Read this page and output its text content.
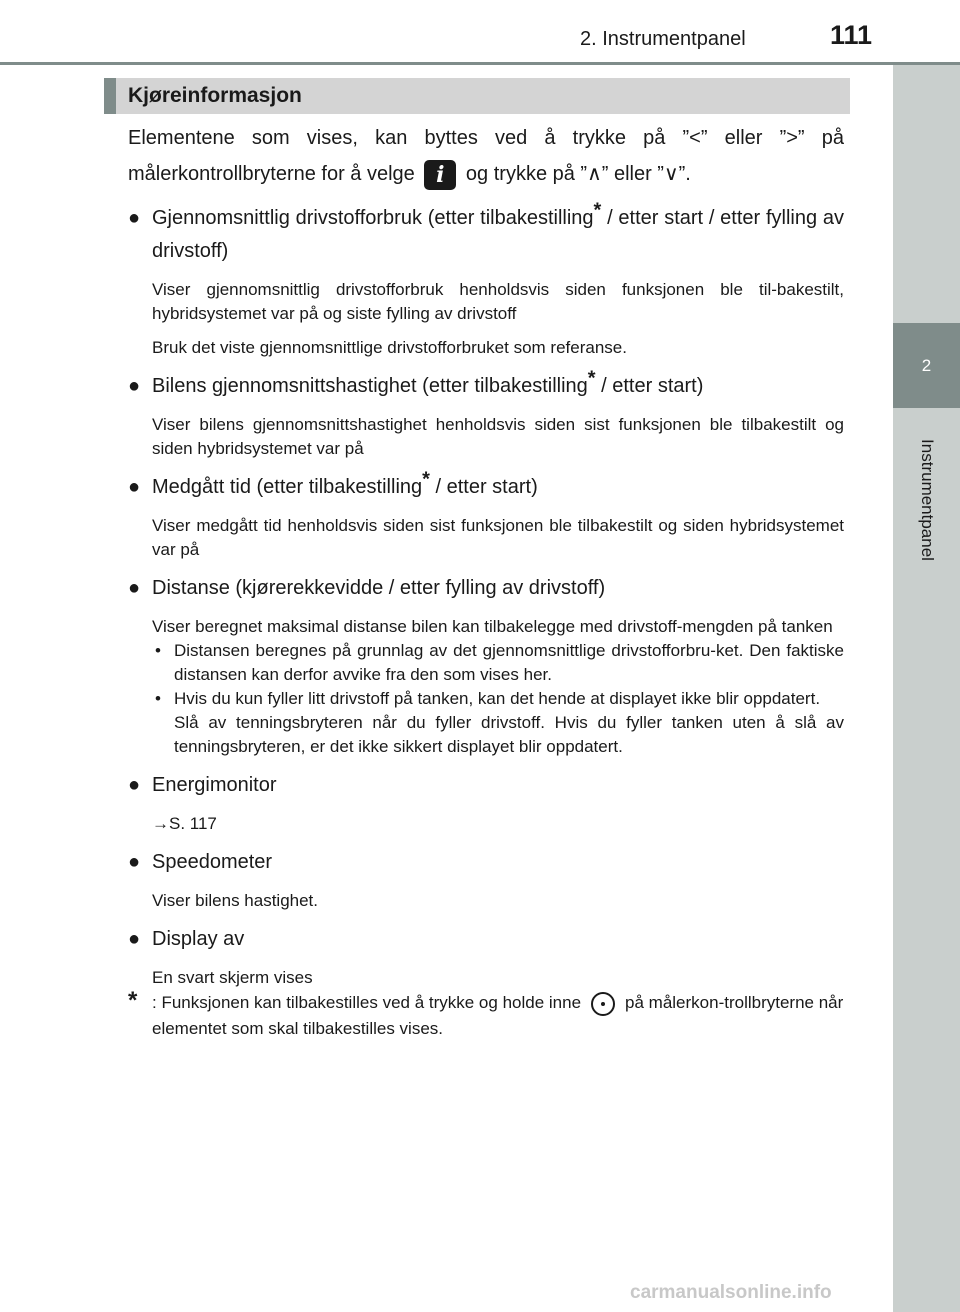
2. Instrumentpanel	111
2
Instrumentpanel
Kjøreinformasjon

Elementene som vises, kan byttes ved å trykke på ”<” eller ”>” på målerkontrollbryterne for å velge i og trykke på ”∧” eller ”∨”.

● Gjennomsnittlig drivstofforbruk (etter tilbakestilling* / etter start / etter fylling av drivstoff)
Viser gjennomsnittlig drivstofforbruk henholdsvis siden funksjonen ble til-bakestilt, hybridsystemet var på og siste fylling av drivstoff
Bruk det viste gjennomsnittlige drivstofforbruket som referanse.
● Bilens gjennomsnittshastighet (etter tilbakestilling* / etter start)
Viser bilens gjennomsnittshastighet henholdsvis siden sist funksjonen ble tilbakestilt og siden hybridsystemet var på
● Medgått tid (etter tilbakestilling* / etter start)
Viser medgått tid henholdsvis siden sist funksjonen ble tilbakestilt og siden hybridsystemet var på
● Distanse (kjørerekkevidde / etter fylling av drivstoff)
Viser beregnet maksimal distanse bilen kan tilbakelegge med drivstoff-mengden på tanken
• Distansen beregnes på grunnlag av det gjennomsnittlige drivstofforbru-ket. Den faktiske distansen kan derfor avvike fra den som vises her.
• Hvis du kun fyller litt drivstoff på tanken, kan det hende at displayet ikke blir oppdatert.
Slå av tenningsbryteren når du fyller drivstoff. Hvis du fyller tanken uten å slå av tenningsbryteren, er det ikke sikkert displayet blir oppdatert.
● Energimonitor
→S. 117
● Speedometer
Viser bilens hastighet.
● Display av
En svart skjerm vises
* : Funksjonen kan tilbakestilles ved å trykke og holde inne	på målerkon-trollbryterne når elementet som skal tilbakestilles vises.
carmanualsonline.info
